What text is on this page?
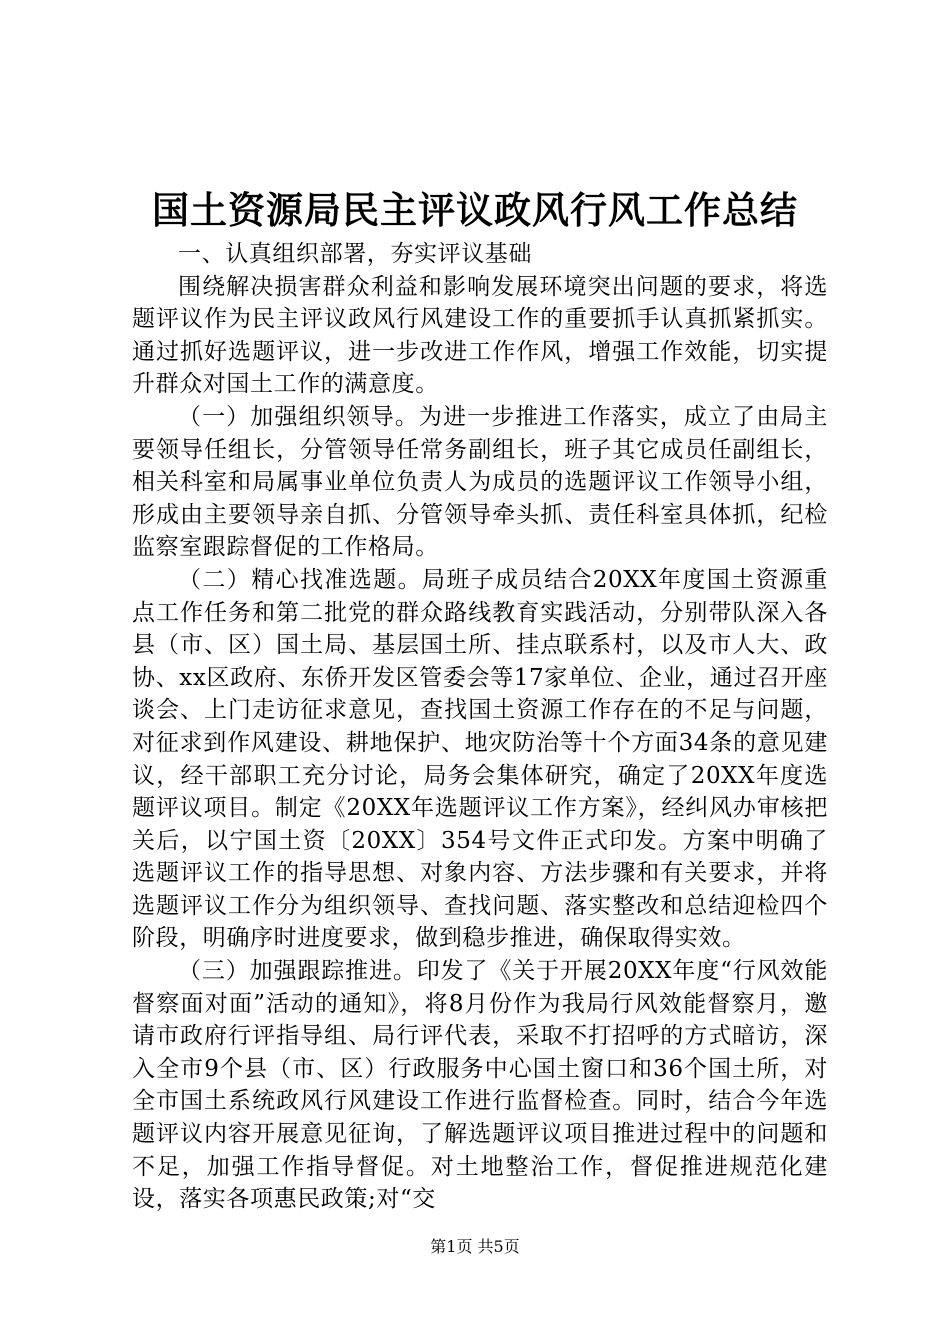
国土资源局民主评议政风行风工作总结

一、认真组织部署，夯实评议基础

围绕解决损害群众利益和影响发展环境突出问题的要求，将选题评议作为民主评议政风行风建设工作的重要抓手认真抓紧抓实。通过抓好选题评议，进一步改进工作作风，增强工作效能，切实提升群众对国土工作的满意度。

（一）加强组织领导。为进一步推进工作落实，成立了由局主要领导任组长，分管领导任常务副组长，班子其它成员任副组长，相关科室和局属事业单位负责人为成员的选题评议工作领导小组，形成由主要领导亲自抓、分管领导牵头抓、责任科室具体抓，纪检监察室跟踪督促的工作格局。

（二）精心找准选题。局班子成员结合20XX年度国土资源重点工作任务和第二批党的群众路线教育实践活动，分别带队深入各县（市、区）国土局、基层国土所、挂点联系村，以及市人大、政协、xx区政府、东侨开发区管委会等17家单位、企业，通过召开座谈会、上门走访征求意见，查找国土资源工作存在的不足与问题，对征求到作风建设、耕地保护、地灾防治等十个方面34条的意见建议，经干部职工充分讨论，局务会集体研究，确定了20XX年度选题评议项目。制定《20XX年选题评议工作方案》，经纠风办审核把关后，以宁国土资〔20XX〕354号文件正式印发。方案中明确了选题评议工作的指导思想、对象内容、方法步骤和有关要求，并将选题评议工作分为组织领导、查找问题、落实整改和总结迎检四个阶段，明确序时进度要求，做到稳步推进，确保取得实效。

（三）加强跟踪推进。印发了《关于开展20XX年度“行风效能督察面对面”活动的通知》，将8月份作为我局行风效能督察月，邀请市政府行评指导组、局行评代表，采取不打招呼的方式暗访，深入全市9个县（市、区）行政服务中心国土窗口和36个国土所，对全市国土系统政风行风建设工作进行监督检查。同时，结合今年选题评议内容开展意见征询，了解选题评议项目推进过程中的问题和不足，加强工作指导督促。对土地整治工作，督促推进规范化建设，落实各项惠民政策;对“交

第1页 共5页
